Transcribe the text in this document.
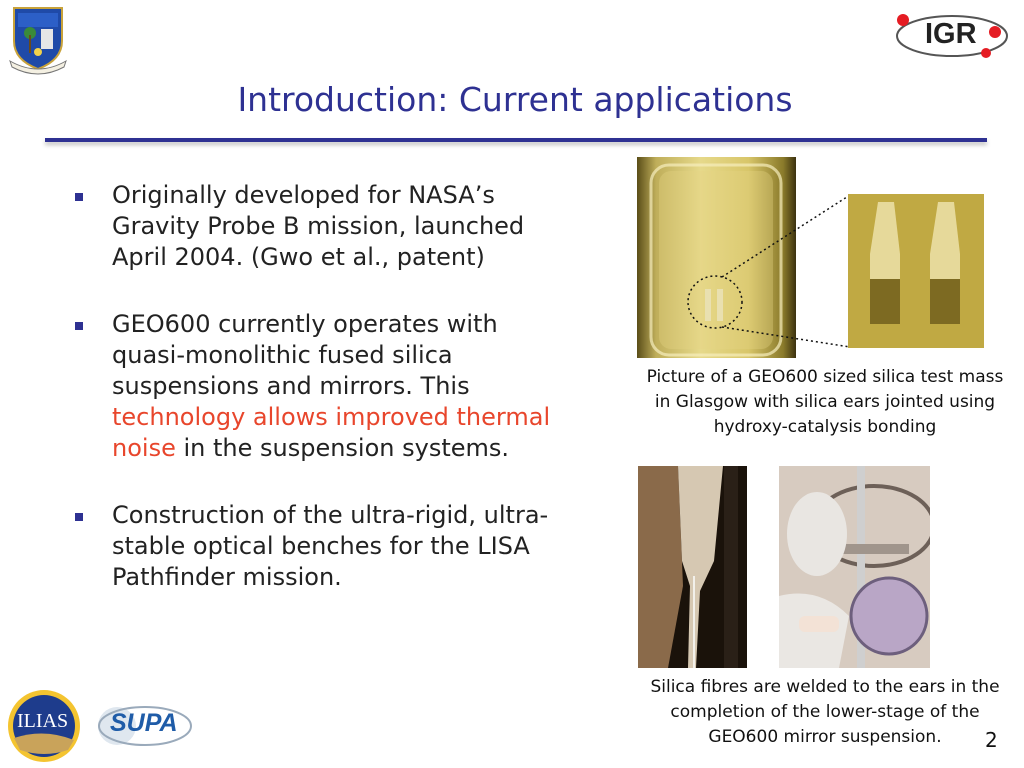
IGR
Introduction: Current applications
Originally developed for NASA’s Gravity Probe B mission, launched April 2004. (Gwo et al., patent)
GEO600 currently operates with quasi-monolithic fused silica suspensions and mirrors. This technology allows improved thermal noise in the suspension systems.
Construction of the ultra-rigid, ultra-stable optical benches for the LISA Pathfinder mission.
Picture of a GEO600 sized silica test mass in Glasgow with silica ears jointed using hydroxy-catalysis bonding
Silica fibres are welded to the ears in the completion of the lower-stage of the GEO600 mirror suspension.
ILIAS SUPA
2
